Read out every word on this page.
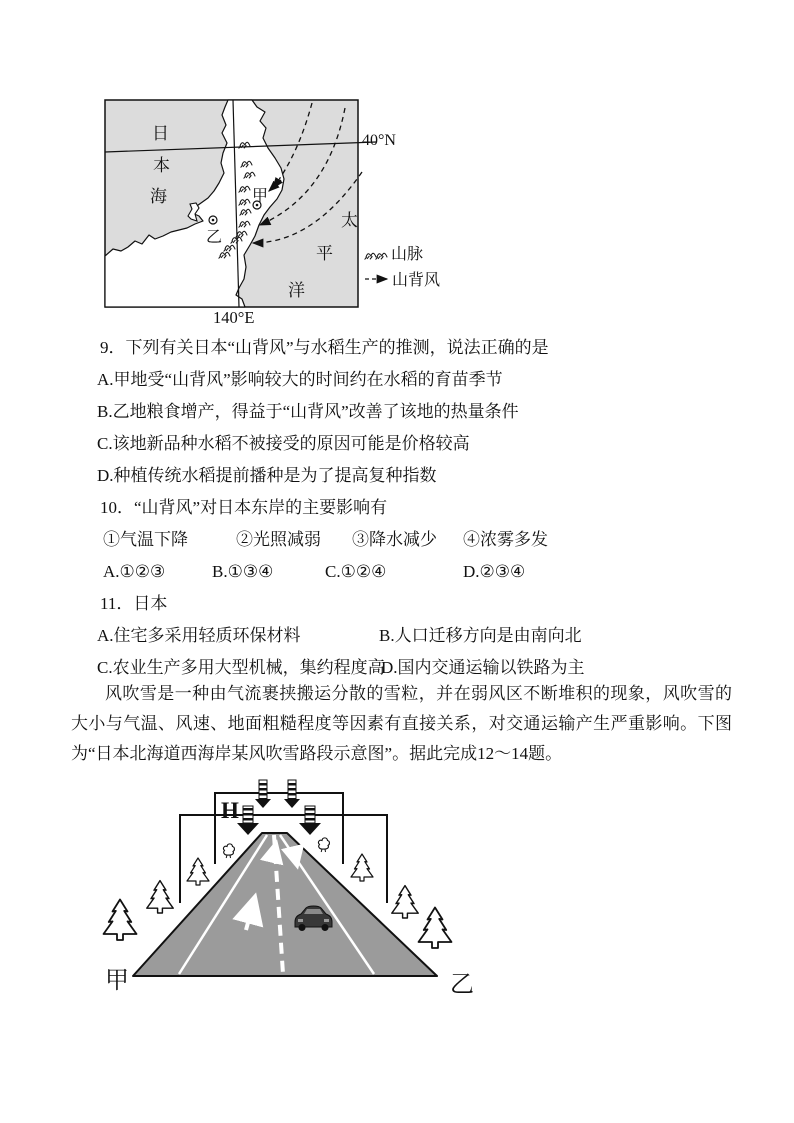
日
本
海
太
平
洋
甲
乙
40°N
140°E
山脉
山背风
9．下列有关日本“山背风”与水稻生产的推测，说法正确的是
A.甲地受“山背风”影响较大的时间约在水稻的育苗季节
B.乙地粮食增产，得益于“山背风”改善了该地的热量条件
C.该地新品种水稻不被接受的原因可能是价格较高
D.种植传统水稻提前播种是为了提高复种指数
10．“山背风”对日本东岸的主要影响有
①气温下降	②光照减弱 ③降水减少 ④浓雾多发
A.①②③	B.①③④	C.①②④	D.②③④
11．日本
A.住宅多采用轻质环保材料	B.人口迁移方向是由南向北
C.农业生产多用大型机械，集约程度高
D.国内交通运输以铁路为主
风吹雪是一种由气流裹挟搬运分散的雪粒，并在弱风区不断堆积的现象，风吹雪的大小与气温、风速、地面粗糙程度等因素有直接关系，对交通运输产生严重影响。下图为“日本北海道西海岸某风吹雪路段示意图”。据此完成12～14题。
H
甲	乙
